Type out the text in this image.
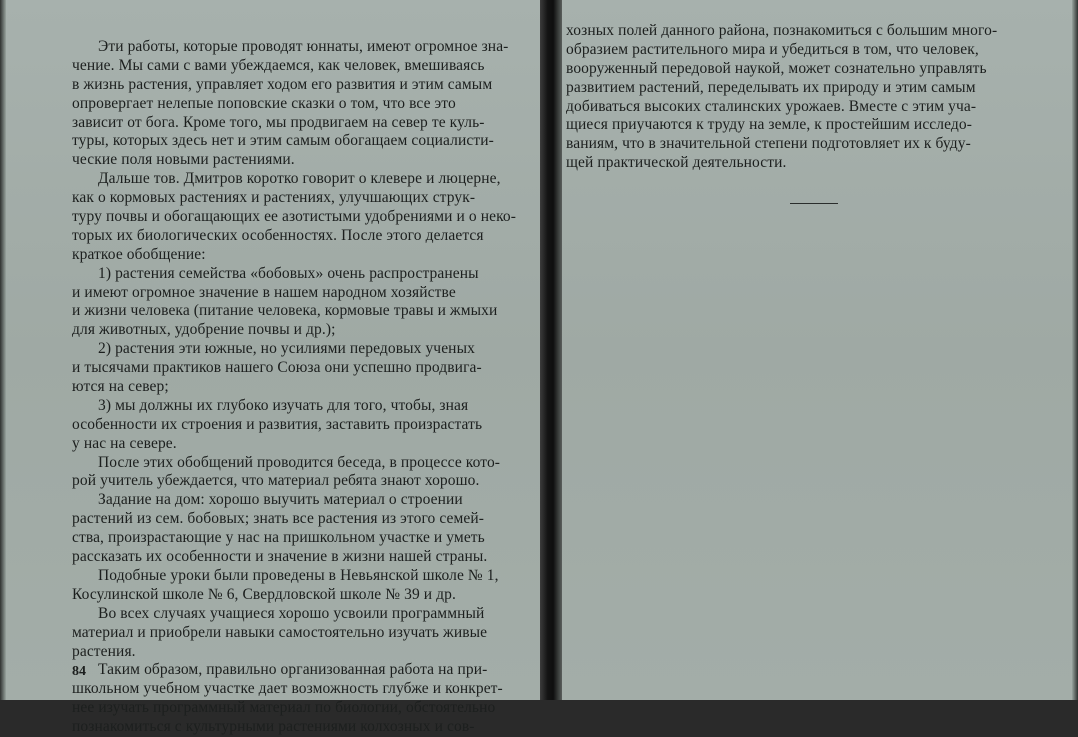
Эти работы, которые проводят юннаты, имеют огромное зна-
чение. Мы сами с вами убеждаемся, как человек, вмешиваясь
в жизнь растения, управляет ходом его развития и этим самым
опровергает нелепые поповские сказки о том, что все это
зависит от бога. Кроме того, мы продвигаем на север те куль-
туры, которых здесь нет и этим самым обогащаем социалисти-
ческие поля новыми растениями.
Дальше тов. Дмитров коротко говорит о клевере и люцерне,
как о кормовых растениях и растениях, улучшающих струк-
туру почвы и обогащающих ее азотистыми удобрениями и о неко-
торых их биологических особенностях. После этого делается
краткое обобщение:
1) растения семейства «бобовых» очень распространены
и имеют огромное значение в нашем народном хозяйстве
и жизни человека (питание человека, кормовые травы и жмыхи
для животных, удобрение почвы и др.);
2) растения эти южные, но усилиями передовых ученых
и тысячами практиков нашего Союза они успешно продвига-
ются на север;
3) мы должны их глубоко изучать для того, чтобы, зная
особенности их строения и развития, заставить произрастать
у нас на севере.
После этих обобщений проводится беседа, в процессе кото-
рой учитель убеждается, что материал ребята знают хорошо.
Задание на дом: хорошо выучить материал о строении
растений из сем. бобовых; знать все растения из этого семей-
ства, произрастающие у нас на пришкольном участке и уметь
рассказать их особенности и значение в жизни нашей страны.
Подобные уроки были проведены в Невьянской школе № 1,
Косулинской школе № 6, Свердловской школе № 39 и др.
Во всех случаях учащиеся хорошо усвоили программный
материал и приобрели навыки самостоятельно изучать живые
растения.
Таким образом, правильно организованная работа на при-
школьном учебном участке дает возможность глубже и конкрет-
нее изучать программный материал по биологии, обстоятельно
познакомиться с культурными растениями колхозных и сов-
хозных полей данного района, познакомиться с большим много-
образием растительного мира и убедиться в том, что человек,
вооруженный передовой наукой, может сознательно управлять
развитием растений, переделывать их природу и этим самым
добиваться высоких сталинских урожаев. Вместе с этим уча-
щиеся приучаются к труду на земле, к простейшим исследо-
ваниям, что в значительной степени подготовляет их к буду-
щей практической деятельности.
84
